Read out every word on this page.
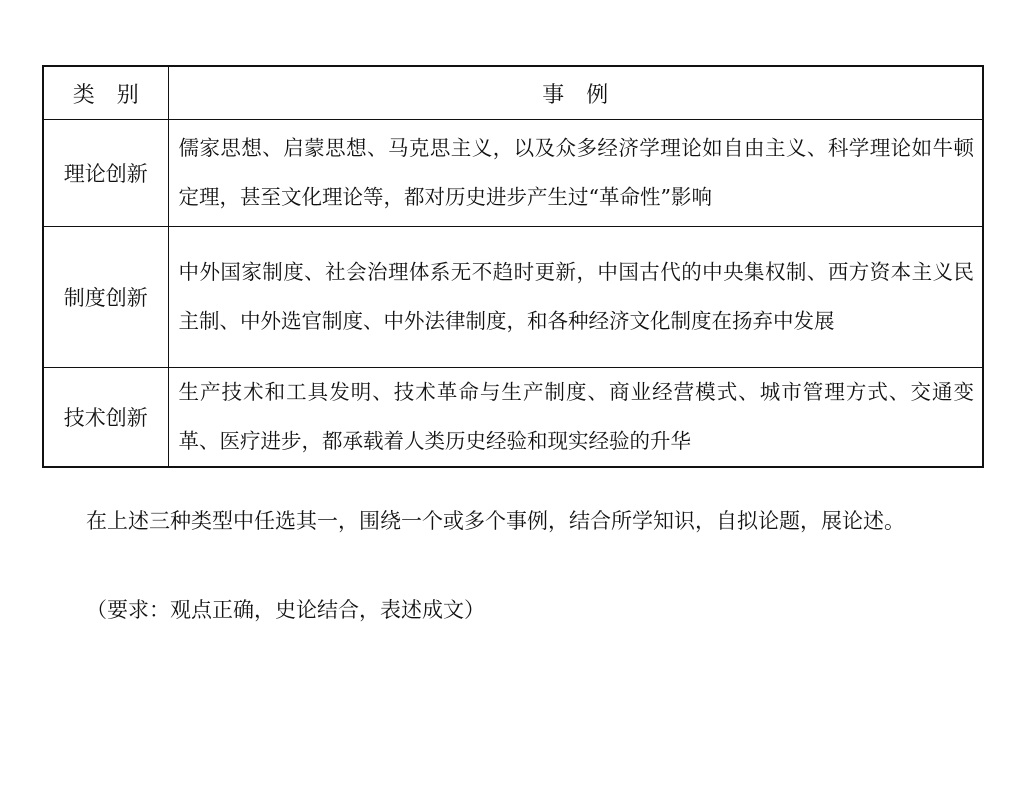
类别	事例
理论创新	儒家思想、启蒙思想、马克思主义，以及众多经济学理论如自由主义、科学理论如牛顿定理，甚至文化理论等，都对历史进步产生过“革命性”影响
制度创新	中外国家制度、社会治理体系无不趋时更新，中国古代的中央集权制、西方资本主义民主制、中外选官制度、中外法律制度，和各种经济文化制度在扬弃中发展
技术创新	生产技术和工具发明、技术革命与生产制度、商业经营模式、城市管理方式、交通变革、医疗进步，都承载着人类历史经验和现实经验的升华

在上述三种类型中任选其一，围绕一个或多个事例，结合所学知识，自拟论题，展论述。

（要求：观点正确，史论结合，表述成文）
